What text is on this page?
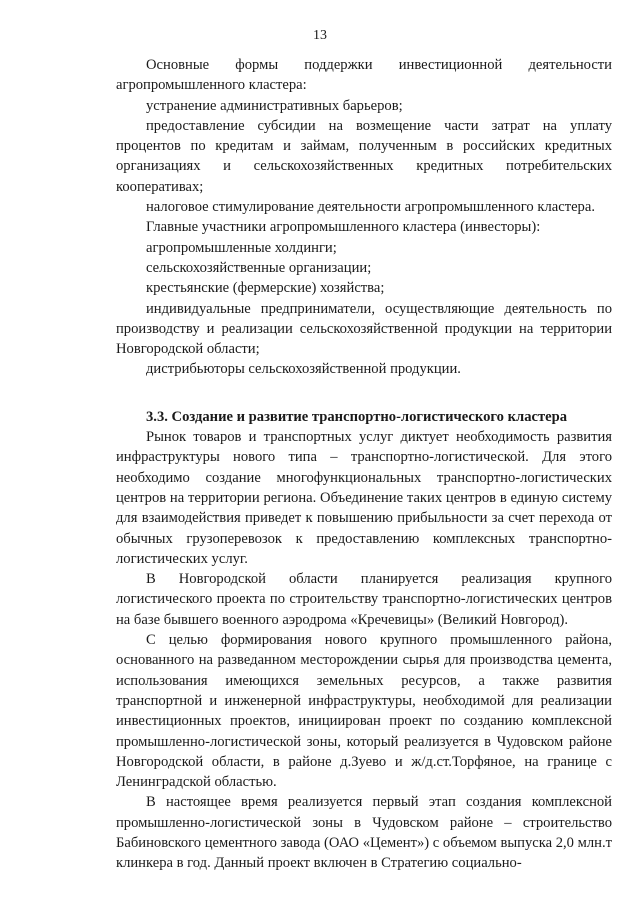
13

Основные формы поддержки инвестиционной деятельности агропромышленного кластера:

устранение административных барьеров;

предоставление субсидии на возмещение части затрат на уплату процентов по кредитам и займам, полученным в российских кредитных организациях и сельскохозяйственных кредитных потребительских кооперативах;

налоговое стимулирование деятельности агропромышленного кластера.

Главные участники агропромышленного кластера (инвесторы):

агропромышленные холдинги;

сельскохозяйственные организации;

крестьянские (фермерские) хозяйства;

индивидуальные предприниматели, осуществляющие деятельность по производству и реализации сельскохозяйственной продукции на территории Новгородской области;

дистрибьюторы сельскохозяйственной продукции.

3.3. Создание и развитие транспортно-логистического кластера

Рынок товаров и транспортных услуг диктует необходимость развития инфраструктуры нового типа – транспортно-логистической. Для этого необходимо создание многофункциональных транспортно-логистических центров на территории региона. Объединение таких центров в единую систему для взаимодействия приведет к повышению прибыльности за счет перехода от обычных грузоперевозок к предоставлению комплексных транспортно-логистических услуг.

В Новгородской области планируется реализация крупного логистического проекта по строительству транспортно-логистических центров на базе бывшего военного аэродрома «Кречевицы» (Великий Новгород).

С целью формирования нового крупного промышленного района, основанного на разведанном месторождении сырья для производства цемента, использования имеющихся земельных ресурсов, а также развития транспортной и инженерной инфраструктуры, необходимой для реализации инвестиционных проектов, инициирован проект по созданию комплексной промышленно-логистической зоны, который реализуется в Чудовском районе Новгородской области, в районе д.Зуево и ж/д.ст.Торфяное, на границе с Ленинградской областью.

В настоящее время реализуется первый этап создания комплексной промышленно-логистической зоны в Чудовском районе – строительство Бабиновского цементного завода (ОАО «Цемент») с объемом выпуска 2,0 млн.т клинкера в год. Данный проект включен в Стратегию социально-
